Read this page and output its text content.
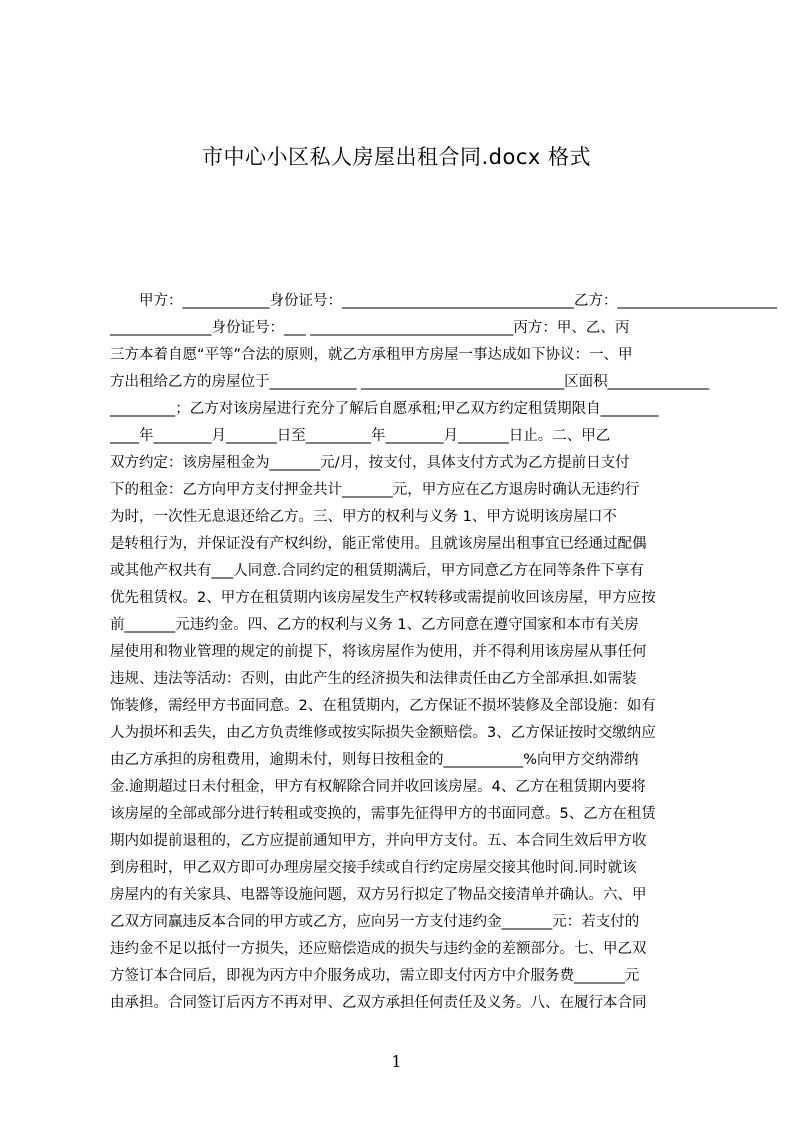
市中心小区私人房屋出租合同.docx 格式
　　甲方：____________身份证号：________________________________乙方：______________________
______________身份证号：___ ____________________________丙方：甲、乙、丙
三方本着自愿“平等”合法的原则，就乙方承租甲方房屋一事达成如下协议：一、甲
方出租给乙方的房屋位于____________ ____________________________区面积______________
_________；乙方对该房屋进行充分了解后自愿承租;甲乙双方约定租赁期限自________
____年________月_______日至_________年________月_______日止。二、甲乙
双方约定：该房屋租金为_______元/月，按支付，具体支付方式为乙方提前日支付
下的租金：乙方向甲方支付押金共计_______元，甲方应在乙方退房时确认无违约行
为时，一次性无息退还给乙方。三、甲方的权利与义务 1、甲方说明该房屋口不
是转租行为，并保证没有产权纠纷，能正常使用。且就该房屋出租事宜已经通过配偶
或其他产权共有___人同意.合同约定的租赁期满后，甲方同意乙方在同等条件下享有
优先租赁权。2、甲方在租赁期内该房屋发生产权转移或需提前收回该房屋，甲方应按
前_______元违约金。四、乙方的权利与义务 1、乙方同意在遵守国家和本市有关房
屋使用和物业管理的规定的前提下，将该房屋作为使用，并不得利用该房屋从事任何
违规、违法等活动：否则，由此产生的经济损失和法律责任由乙方全部承担.如需装
饰装修，需经甲方书面同意。2、在租赁期内，乙方保证不损坏装修及全部设施：如有
人为损坏和丢失，由乙方负责维修或按实际损失金额赔偿。3、乙方保证按时交缴纳应
由乙方承担的房租费用，逾期未付，则每日按租金的___________%向甲方交纳滞纳
金.逾期超过日未付租金，甲方有权解除合同并收回该房屋。4、乙方在租赁期内要将
该房屋的全部或部分进行转租或变换的，需事先征得甲方的书面同意。5、乙方在租赁
期内如提前退租的，乙方应提前通知甲方，并向甲方支付。五、本合同生效后甲方收
到房租时，甲乙双方即可办理房屋交接手续或自行约定房屋交接其他时间.同时就该
房屋内的有关家具、电器等设施问题，双方另行拟定了物品交接清单并确认。六、甲
乙双方同赢违反本合同的甲方或乙方，应向另一方支付违约金_______元：若支付的
违约金不足以抵付一方损失，还应赔偿造成的损失与违约金的差额部分。七、甲乙双
方签订本合同后，即视为丙方中介服务成功，需立即支付丙方中介服务费_______元
由承担。合同签订后丙方不再对甲、乙双方承担任何责任及义务。八、在履行本合同
1
